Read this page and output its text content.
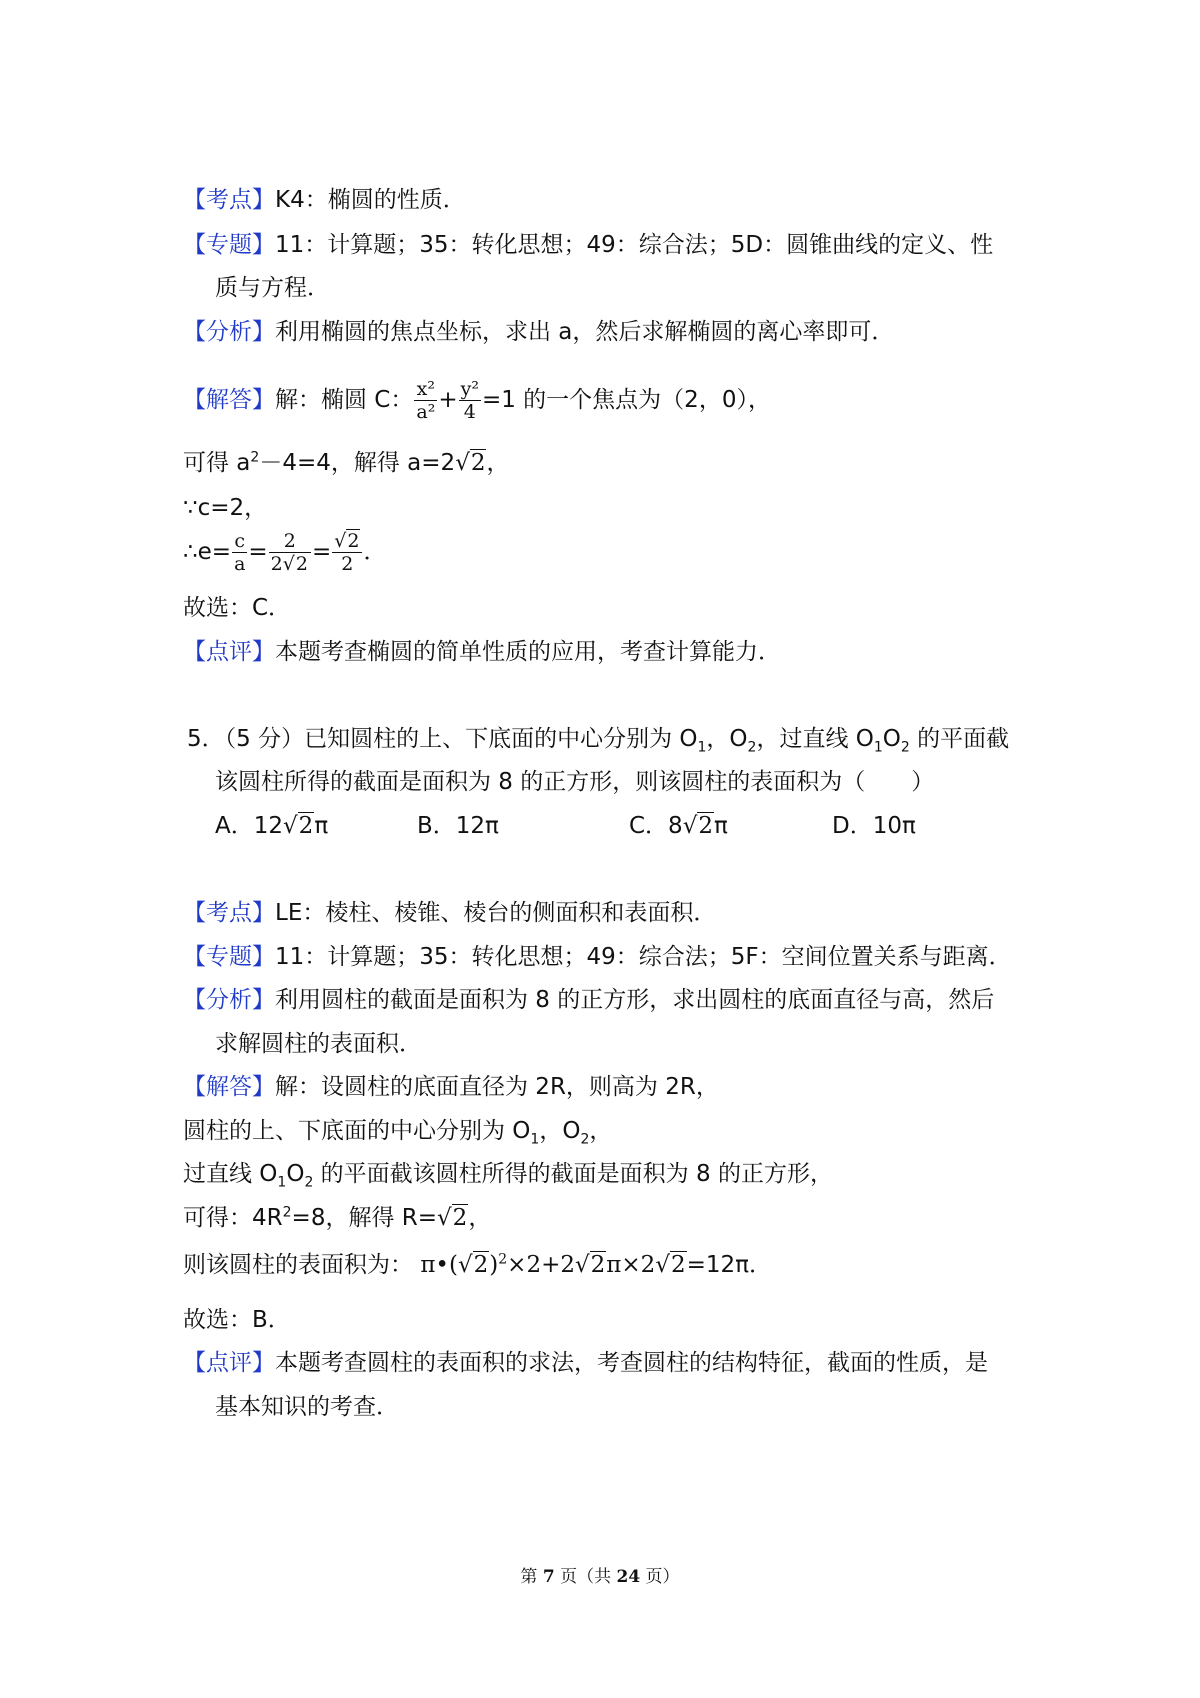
【考点】K4：椭圆的性质．
【专题】11：计算题；35：转化思想；49：综合法；5D：圆锥曲线的定义、性
质与方程．
【分析】利用椭圆的焦点坐标，求出 a，然后求解椭圆的离心率即可．
【解答】解：椭圆 C： $\frac{\text{x²}}{\text{a²}} + \frac{\text{y²}}{4} =1$ 的一个焦点为（2，0），
可得 $a^2-4=4$，解得 a=2√2，
∵c=2，
∴e= $\frac{c}{a} = \frac{2}{2√2} = \frac{√2}{2}$ ．
故选：C．
【点评】本题考查椭圆的简单性质的应用，考查计算能力．
5．（5 分）已知圆柱的上、下底面的中心分别为 $O_1$，$O_2$，过直线 $O_1O_2$ 的平面截
该圆柱所得的截面是面积为 8 的正方形，则该圆柱的表面积为（　　）
A．12√2π	B．12π	C．8√2π	D．10π
【考点】LE：棱柱、棱锥、棱台的侧面积和表面积．
【专题】11：计算题；35：转化思想；49：综合法；5F：空间位置关系与距离．
【分析】利用圆柱的截面是面积为 8 的正方形，求出圆柱的底面直径与高，然后
求解圆柱的表面积．
【解答】解：设圆柱的底面直径为 2R，则高为 2R，
圆柱的上、下底面的中心分别为 $O_1$，$O_2$，
过直线 $O_1O_2$ 的平面截该圆柱所得的截面是面积为 8 的正方形，
可得：$4R^2=8$，解得 R=√2，
则该圆柱的表面积为： $\pi•(√2)^2\times 2+2√2\pi\times 2√2=12\pi$．
故选：B．
【点评】本题考查圆柱的表面积的求法，考查圆柱的结构特征，截面的性质，是
基本知识的考查．
第 7 页（共 24 页）
